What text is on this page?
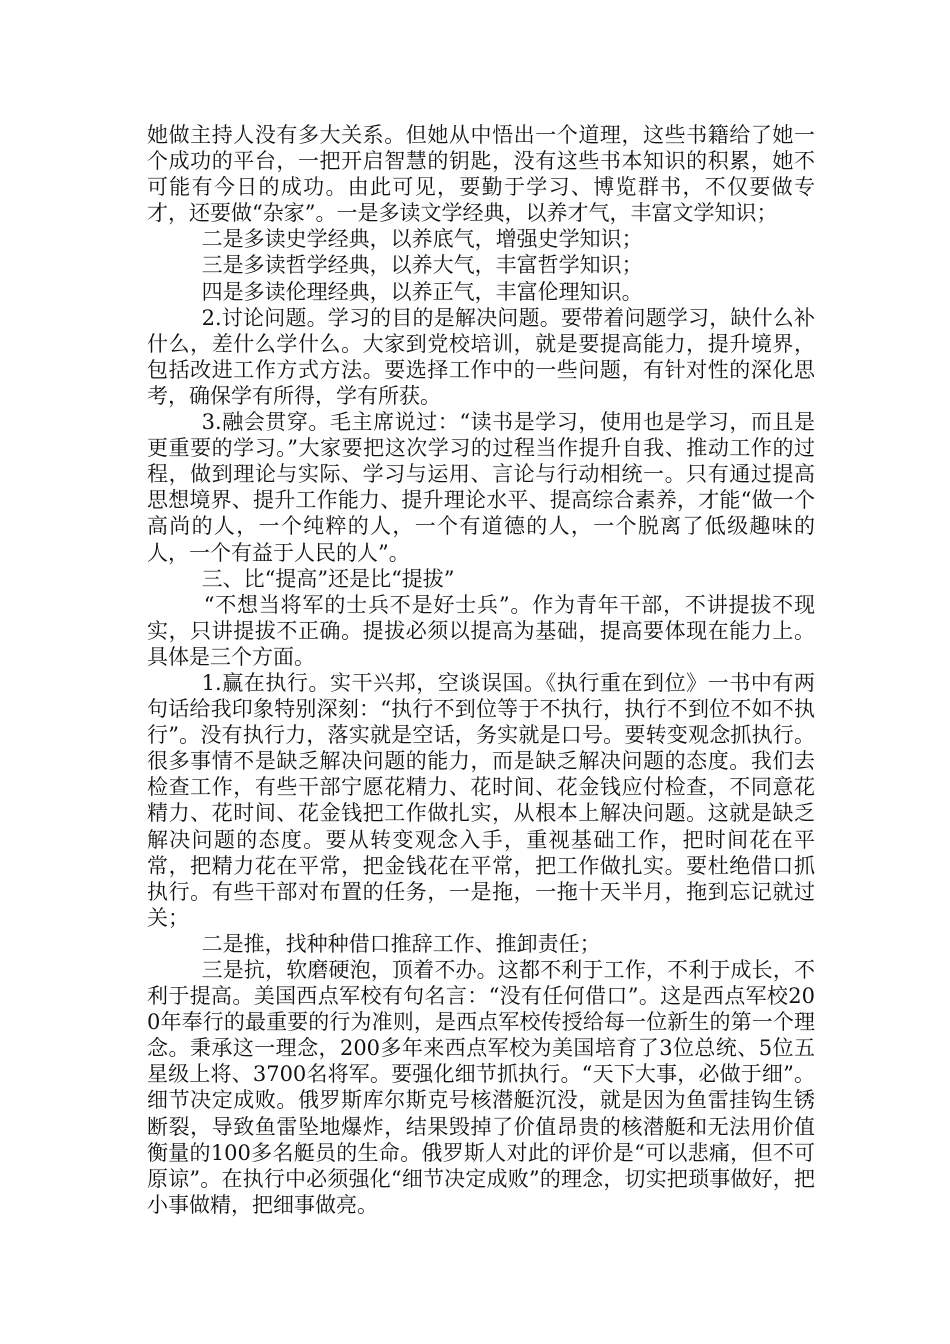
她做主持人没有多大关系。但她从中悟出一个道理，这些书籍给了她一个成功的平台，一把开启智慧的钥匙，没有这些书本知识的积累，她不可能有今日的成功。由此可见，要勤于学习、博览群书，不仅要做专才，还要做“杂家”。一是多读文学经典，以养才气，丰富文学知识；

二是多读史学经典，以养底气，增强史学知识；

三是多读哲学经典，以养大气，丰富哲学知识；

四是多读伦理经典，以养正气，丰富伦理知识。

2.讨论问题。学习的目的是解决问题。要带着问题学习，缺什么补什么，差什么学什么。大家到党校培训，就是要提高能力，提升境界，包括改进工作方式方法。要选择工作中的一些问题，有针对性的深化思考，确保学有所得，学有所获。

3.融会贯穿。毛主席说过：“读书是学习，使用也是学习，而且是更重要的学习。”大家要把这次学习的过程当作提升自我、推动工作的过程，做到理论与实际、学习与运用、言论与行动相统一。只有通过提高思想境界、提升工作能力、提升理论水平、提高综合素养，才能“做一个高尚的人，一个纯粹的人，一个有道德的人，一个脱离了低级趣味的人，一个有益于人民的人”。

三、比“提高”还是比“提拔”

“不想当将军的士兵不是好士兵”。作为青年干部，不讲提拔不现实，只讲提拔不正确。提拔必须以提高为基础，提高要体现在能力上。具体是三个方面。

1.赢在执行。实干兴邦，空谈误国。《执行重在到位》一书中有两句话给我印象特别深刻：“执行不到位等于不执行，执行不到位不如不执行”。没有执行力，落实就是空话，务实就是口号。要转变观念抓执行。很多事情不是缺乏解决问题的能力，而是缺乏解决问题的态度。我们去检查工作，有些干部宁愿花精力、花时间、花金钱应付检查，不同意花精力、花时间、花金钱把工作做扎实，从根本上解决问题。这就是缺乏解决问题的态度。要从转变观念入手，重视基础工作，把时间花在平常，把精力花在平常，把金钱花在平常，把工作做扎实。要杜绝借口抓执行。有些干部对布置的任务，一是拖，一拖十天半月，拖到忘记就过关；

二是推，找种种借口推辞工作、推卸责任；

三是抗，软磨硬泡，顶着不办。这都不利于工作，不利于成长，不利于提高。美国西点军校有句名言：“没有任何借口”。这是西点军校200年奉行的最重要的行为准则，是西点军校传授给每一位新生的第一个理念。秉承这一理念，200多年来西点军校为美国培育了3位总统、5位五星级上将、3700名将军。要强化细节抓执行。“天下大事，必做于细”。细节决定成败。俄罗斯库尔斯克号核潜艇沉没，就是因为鱼雷挂钩生锈断裂，导致鱼雷坠地爆炸，结果毁掉了价值昂贵的核潜艇和无法用价值衡量的100多名艇员的生命。俄罗斯人对此的评价是“可以悲痛，但不可原谅”。在执行中必须强化“细节决定成败”的理念，切实把琐事做好，把小事做精，把细事做亮。
